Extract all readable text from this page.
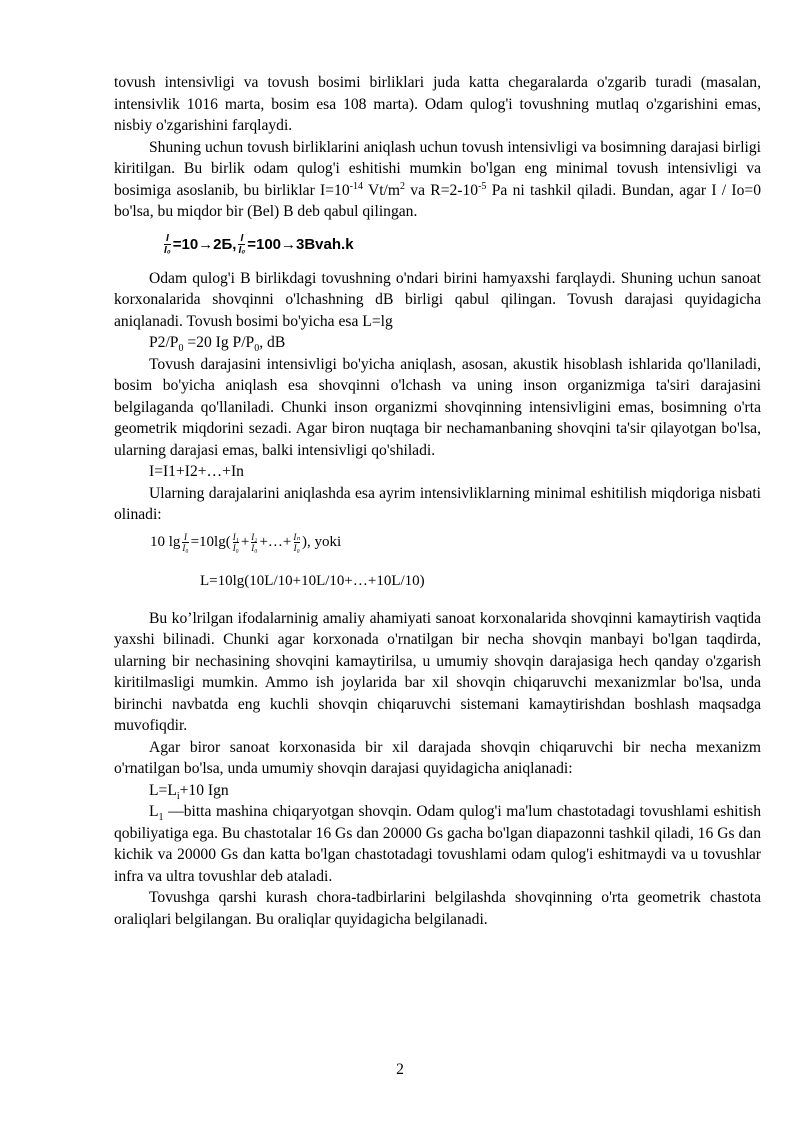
tovush intensivligi va tovush bosimi birliklari juda katta chegaralarda o'zgarib turadi (masalan, intensivlik 1016 marta, bosim esa 108 marta). Odam qulog'i tovushning mutlaq o'zgarishini emas, nisbiy o'zgarishini farqlaydi.

Shuning uchun tovush birliklarini aniqlash uchun tovush intensivligi va bosimning darajasi birligi kiritilgan. Bu birlik odam qulog'i eshitishi mumkin bo'lgan eng minimal tovush intensivligi va bosimiga asoslanib, bu birliklar $I=10^{-14}$ $Vt/m^2$ va $R=2-10^{-5}$ Pa ni tashkil qiladi. Bundan, agar I / Io=0 bo'lsa, bu miqdor bir (Bel) B deb qabul qilingan.

$\frac{I}{\text{I₀}} =10\to 2Б$, $\frac{I}{\text{I₀}}$ =100→3Bvah.k

Odam qulog'i B birlikdagi tovushning o'ndari birini hamyaxshi farqlaydi. Shuning uchun sanoat korxonalarida shovqinni o'lchashning dB birligi qabul qilingan. Tovush darajasi quyidagicha aniqlanadi. Tovush bosimi bo'yicha esa L=lg

$P2/P_0 =20$ Ig $P/P_0$, dB

Tovush darajasini intensivligi bo'yicha aniqlash, asosan, akustik hisoblash ishlarida qo'llaniladi, bosim bo'yicha aniqlash esa shovqinni o'lchash va uning inson organizmiga ta'siri darajasini belgilaganda qo'llaniladi. Chunki inson organizmi shovqinning intensivligini emas, bosimning o'rta geometrik miqdorini sezadi. Agar biron nuqtaga bir nechamanbaning shovqini ta'sir qilayotgan bo'lsa, ularning darajasi emas, balki intensivligi qo'shiladi.

I=I1+I2+…+In

Ularning darajalarini aniqlashda esa ayrim intensivliklarning minimal eshitilish miqdoriga nisbati olinadi:

10 $\lg \frac{I}{\text{I₀}} =10\lg( \frac{\text{I₁}}{\text{I₀}} + \frac{\text{I₂}}{\text{I₀}}$ +…+ $\frac{\text{Iₙ}}{\text{I₀}}$ ), yoki
L=10lg(10L/10+10L/10+…+10L/10)

Bu ko’lrilgan ifodalarninig amaliy ahamiyati sanoat korxonalarida shovqinni kamaytirish vaqtida yaxshi bilinadi. Chunki agar korxonada o'rnatilgan bir necha shovqin manbayi bo'lgan taqdirda, ularning bir nechasining shovqini kamaytirilsa, u umumiy shovqin darajasiga hech qanday o'zgarish kiritilmasligi mumkin. Ammo ish joylarida bar xil shovqin chiqaruvchi mexanizmlar bo'lsa, unda birinchi navbatda eng kuchli shovqin chiqaruvchi sistemani kamaytirishdan boshlash maqsadga muvofiqdir.

Agar biror sanoat korxonasida bir xil darajada shovqin chiqaruvchi bir necha mexanizm o'rnatilgan bo'lsa, unda umumiy shovqin darajasi quyidagicha aniqlanadi:

$L=L_i+10$ Ign

$L_1$ —bitta mashina chiqaryotgan shovqin. Odam qulog'i ma'lum chastotadagi tovushlami eshitish qobiliyatiga ega. Bu chastotalar 16 Gs dan 20000 Gs gacha bo'lgan diapazonni tashkil qiladi, 16 Gs dan kichik va 20000 Gs dan katta bo'lgan chastotadagi tovushlami odam qulog'i eshitmaydi va u tovushlar infra va ultra tovushlar deb ataladi.

Tovushga qarshi kurash chora-tadbirlarini belgilashda shovqinning o'rta geometrik chastota oraliqlari belgilangan. Bu oraliqlar quyidagicha belgilanadi.

2
